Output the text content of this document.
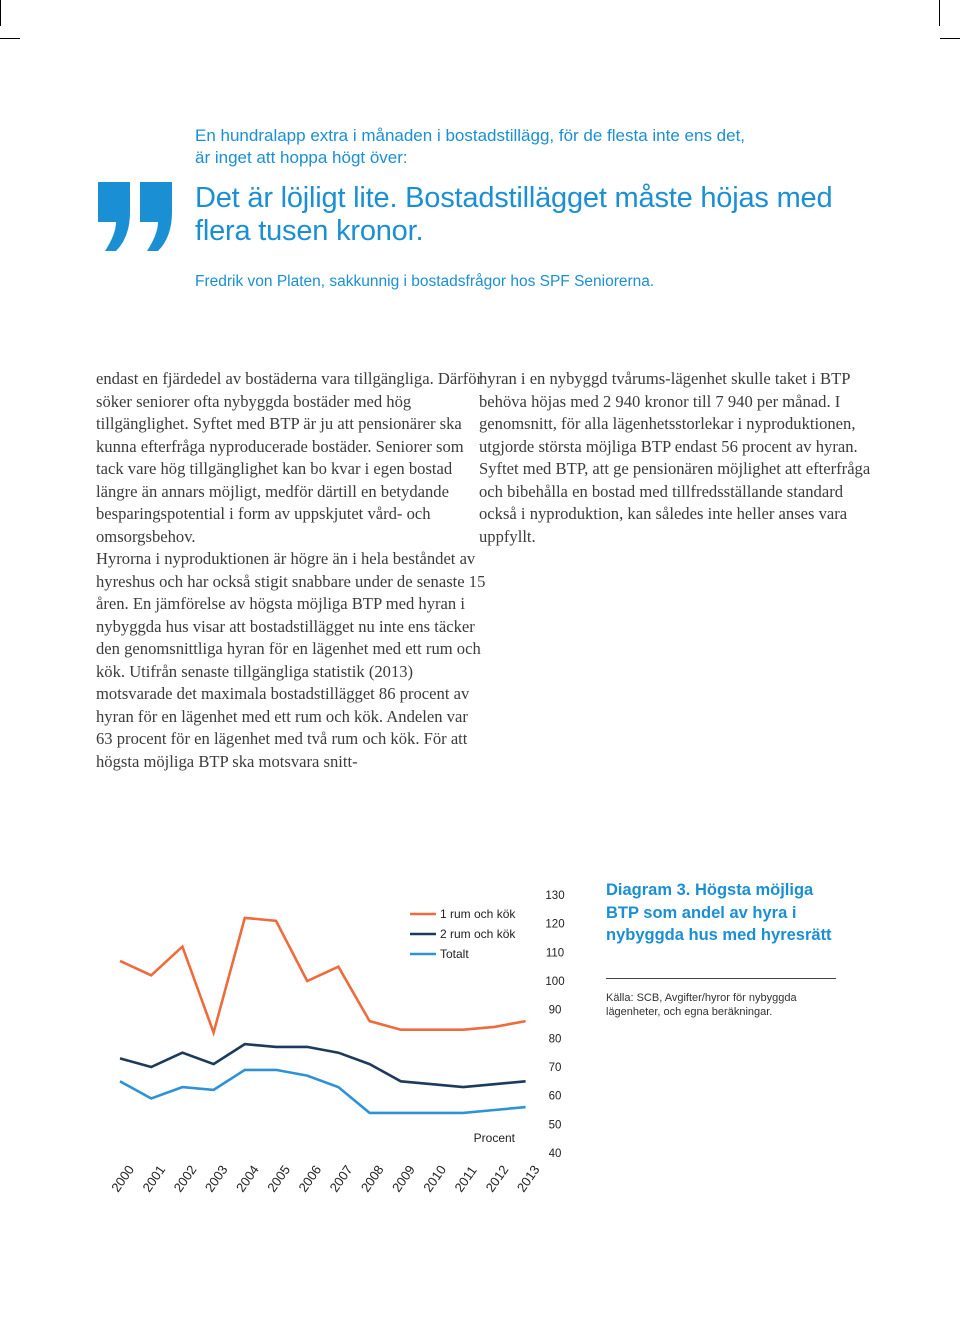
En hundralapp extra i månaden i bostadstillägg, för de flesta inte ens det, är inget att hoppa högt över:

Det är löjligt lite. Bostadstillägget måste höjas med flera tusen kronor.

Fredrik von Platen, sakkunnig i bostadsfrågor hos SPF Seniorerna.

endast en fjärdedel av bostäderna vara tillgängliga. Därför söker seniorer ofta nybyggda bostäder med hög tillgänglighet. Syftet med BTP är ju att pensionärer ska kunna efterfråga nyproducerade bostäder. Seniorer som tack vare hög tillgänglighet kan bo kvar i egen bostad längre än annars möjligt, medför därtill en betydande besparingspotential i form av uppskjutet vård- och omsorgsbehov.

Hyrorna i nyproduktionen är högre än i hela beståndet av hyreshus och har också stigit snabbare under de senaste 15 åren. En jämförelse av högsta möjliga BTP med hyran i nybyggda hus visar att bostadstillägget nu inte ens täcker den genomsnittliga hyran för en lägenhet med ett rum och kök. Utifrån senaste tillgängliga statistik (2013) motsvarade det maximala bostadstillägget 86 procent av hyran för en lägenhet med ett rum och kök. Andelen var 63 procent för en lägenhet med två rum och kök. För att högsta möjliga BTP ska motsvara snitt-

hyran i en nybyggd tvårums-lägenhet skulle taket i BTP behöva höjas med 2 940 kronor till 7 940 per månad. I genomsnitt, för alla lägenhetsstorlekar i nyproduktionen, utgjorde största möjliga BTP endast 56 procent av hyran.

Syftet med BTP, att ge pensionären möjlighet att efterfråga och bibehålla en bostad med tillfredsställande standard också i nyproduktion, kan således inte heller anses vara uppfyllt.

130
120
110
100
90
80
70
60
50
40
Procent
2000 2001 2002 2003 2004 2005 2006 2007 2008 2009 2010 2011 2012 2013
1 rum och kök
2 rum och kök
Totalt

Diagram 3. Högsta möjliga BTP som andel av hyra i nybyggda hus med hyresrätt

Källa: SCB, Avgifter/hyror för nybyggda lägenheter, och egna beräkningar.
